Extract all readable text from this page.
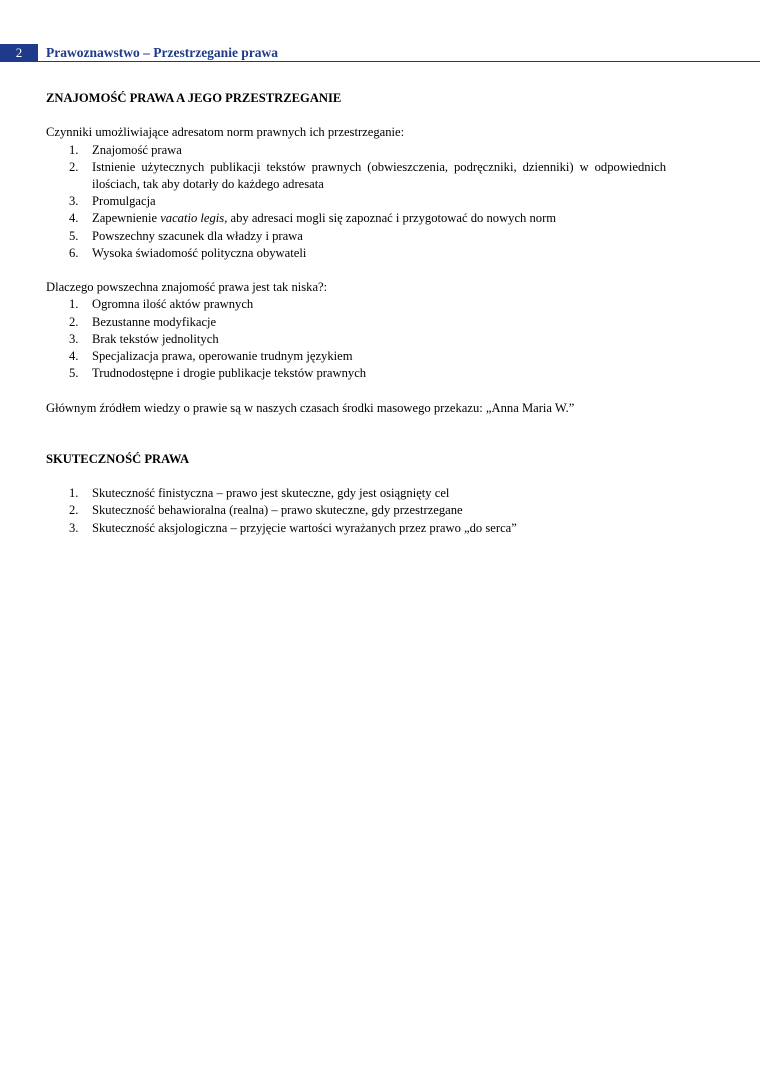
2	Prawoznawstwo – Przestrzeganie prawa

ZNAJOMOŚĆ PRAWA A JEGO PRZESTRZEGANIE

Czynniki umożliwiające adresatom norm prawnych ich przestrzeganie:

1. Znajomość prawa
2. Istnienie użytecznych publikacji tekstów prawnych (obwieszczenia, podręczniki, dzienniki) w odpowiednich ilościach, tak aby dotarły do każdego adresata
3. Promulgacja
4. Zapewnienie vacatio legis, aby adresaci mogli się zapoznać i przygotować do nowych norm
5. Powszechny szacunek dla władzy i prawa
6. Wysoka świadomość polityczna obywateli

Dlaczego powszechna znajomość prawa jest tak niska?:

1. Ogromna ilość aktów prawnych
2. Bezustanne modyfikacje
3. Brak tekstów jednolitych
4. Specjalizacja prawa, operowanie trudnym językiem
5. Trudnodostępne i drogie publikacje tekstów prawnych

Głównym źródłem wiedzy o prawie są w naszych czasach środki masowego przekazu: „Anna Maria W.”

SKUTECZNOŚĆ PRAWA

1. Skuteczność finistyczna – prawo jest skuteczne, gdy jest osiągnięty cel
2. Skuteczność behawioralna (realna) – prawo skuteczne, gdy przestrzegane
3. Skuteczność aksjologiczna – przyjęcie wartości wyrażanych przez prawo „do serca”
